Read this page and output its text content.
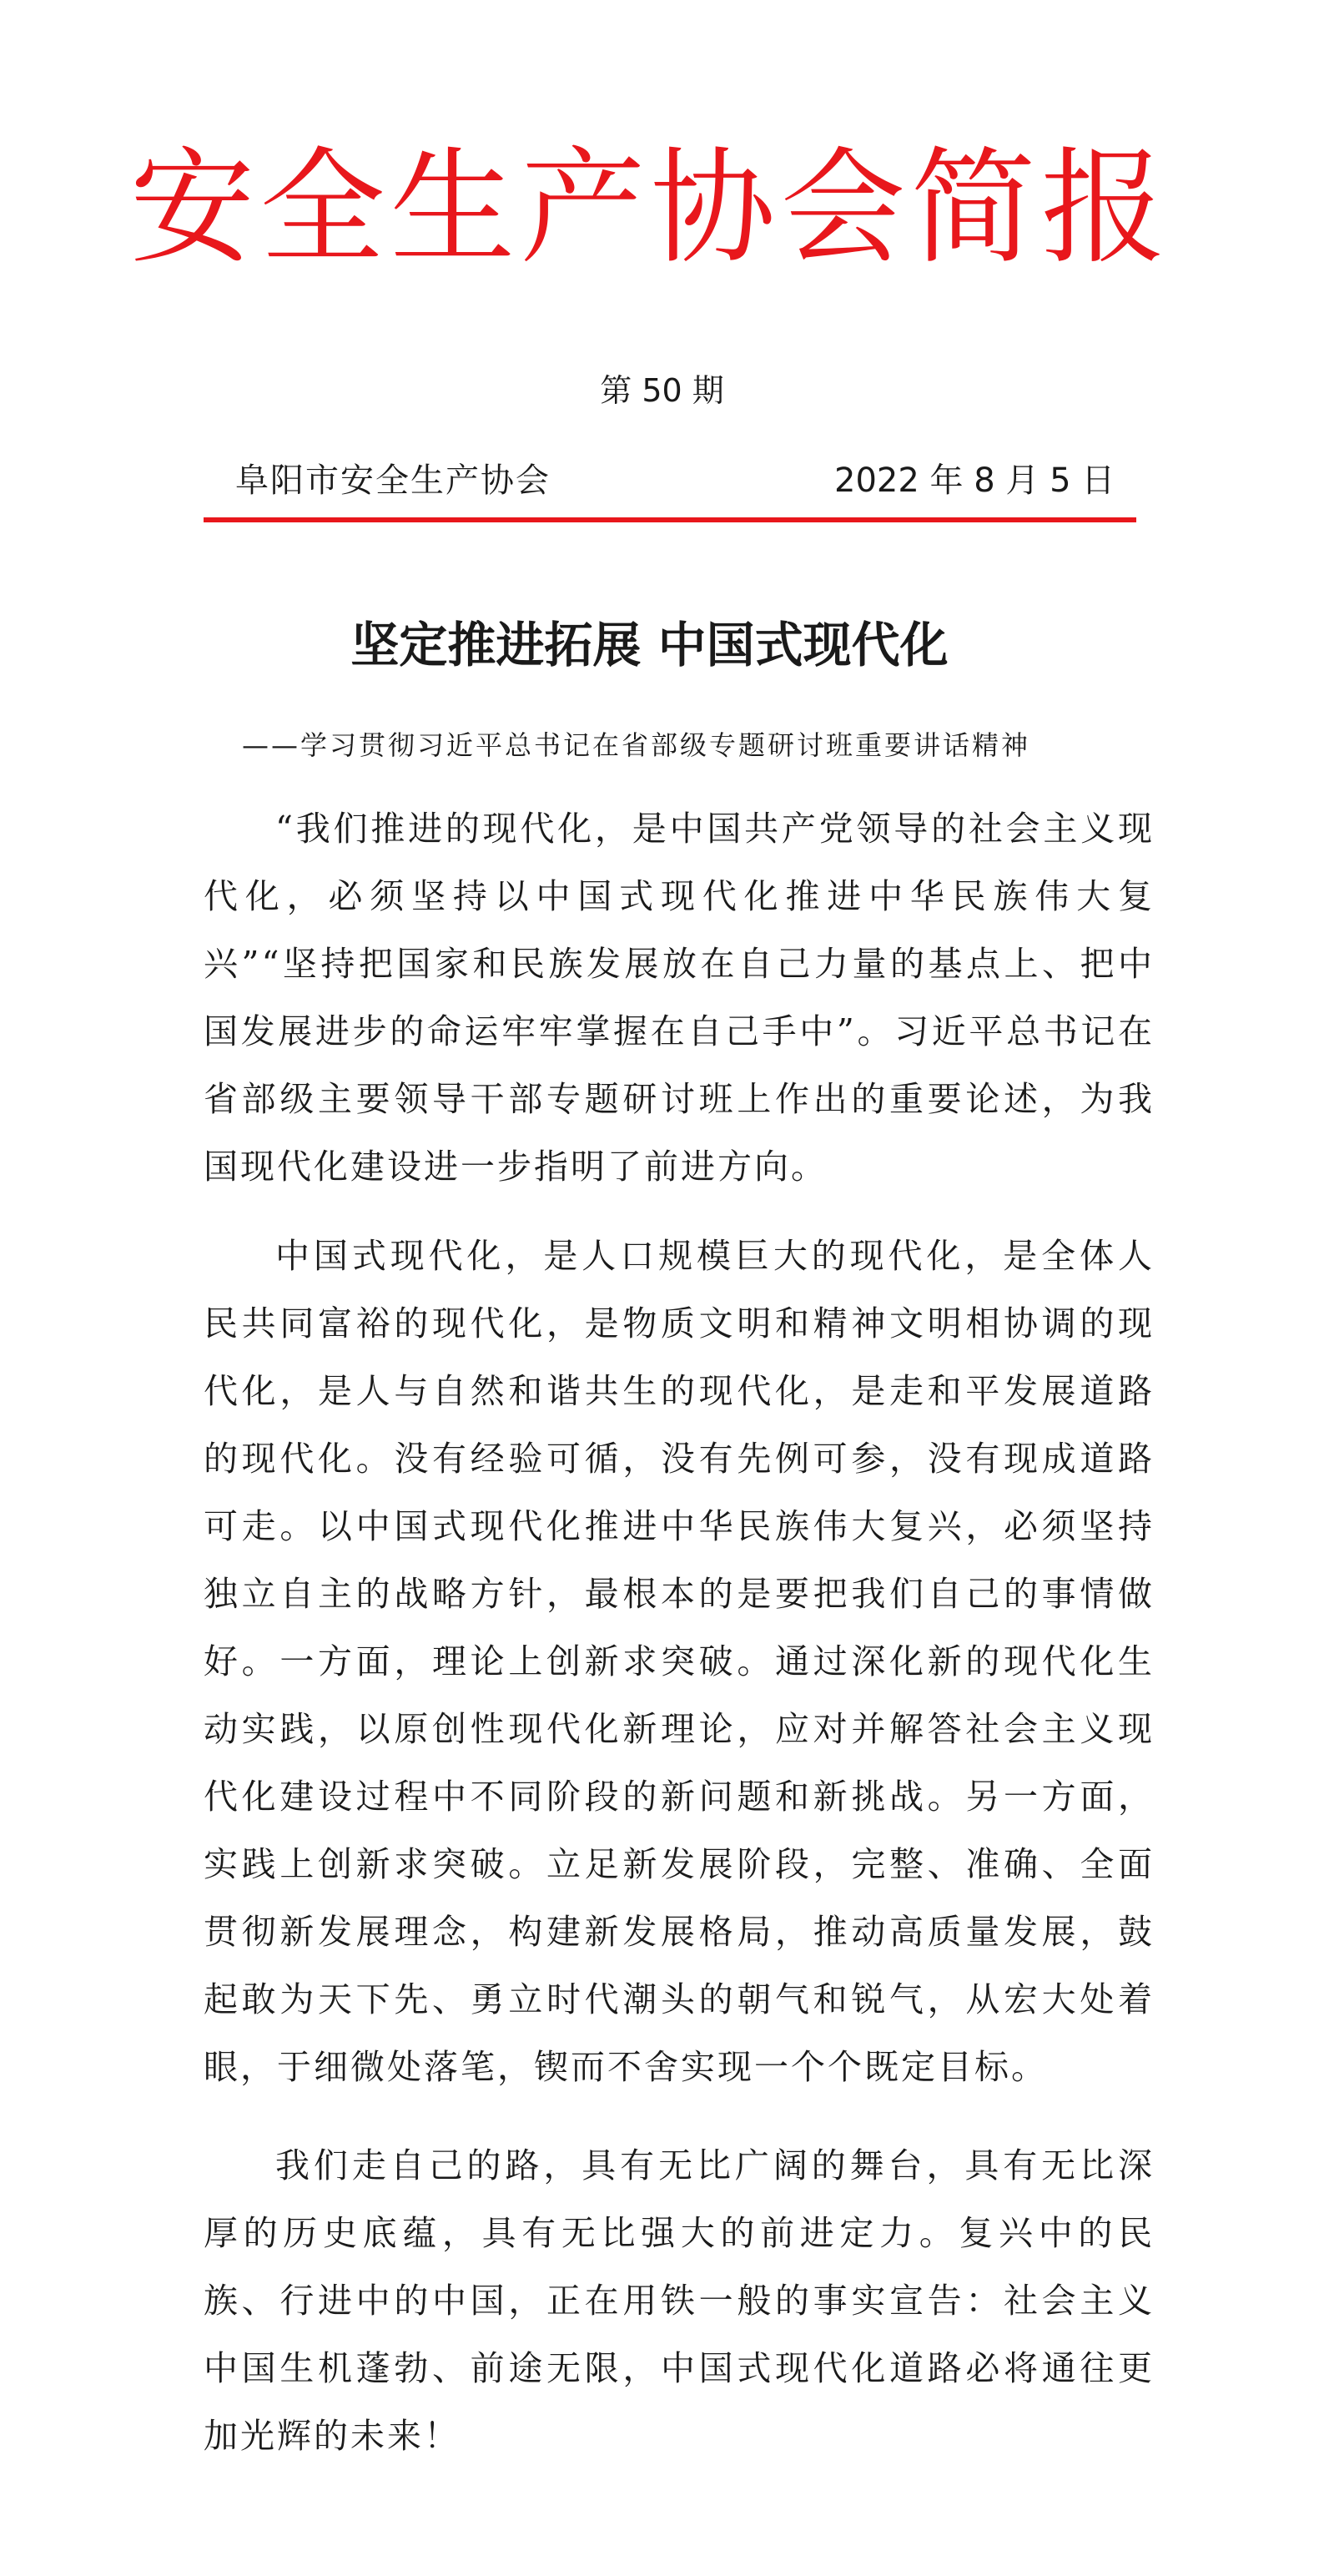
安全生产协会简报
第 50 期
阜阳市安全生产协会	2022 年 8 月 5 日
坚定推进拓展 中国式现代化
——学习贯彻习近平总书记在省部级专题研讨班重要讲话精神

“我们推进的现代化，是中国共产党领导的社会主义现代化，必须坚持以中国式现代化推进中华民族伟大复兴”“坚持把国家和民族发展放在自己力量的基点上、把中国发展进步的命运牢牢掌握在自己手中”。习近平总书记在省部级主要领导干部专题研讨班上作出的重要论述，为我国现代化建设进一步指明了前进方向。

中国式现代化，是人口规模巨大的现代化，是全体人民共同富裕的现代化，是物质文明和精神文明相协调的现代化，是人与自然和谐共生的现代化，是走和平发展道路的现代化。没有经验可循，没有先例可参，没有现成道路可走。以中国式现代化推进中华民族伟大复兴，必须坚持独立自主的战略方针，最根本的是要把我们自己的事情做好。一方面，理论上创新求突破。通过深化新的现代化生动实践，以原创性现代化新理论，应对并解答社会主义现代化建设过程中不同阶段的新问题和新挑战。另一方面，实践上创新求突破。立足新发展阶段，完整、准确、全面贯彻新发展理念，构建新发展格局，推动高质量发展，鼓起敢为天下先、勇立时代潮头的朝气和锐气，从宏大处着眼，于细微处落笔，锲而不舍实现一个个既定目标。

我们走自己的路，具有无比广阔的舞台，具有无比深厚的历史底蕴，具有无比强大的前进定力。复兴中的民族、行进中的中国，正在用铁一般的事实宣告：社会主义中国生机蓬勃、前途无限，中国式现代化道路必将通往更加光辉的未来！
